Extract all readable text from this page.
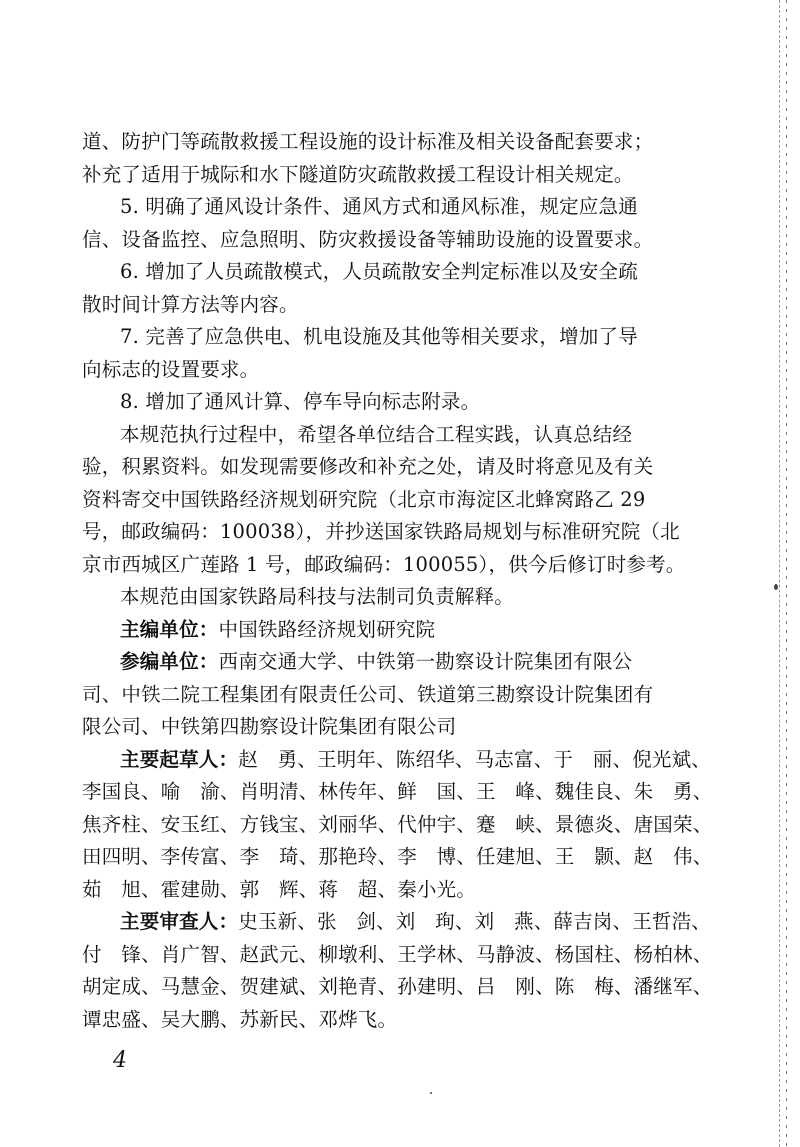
道、防护门等疏散救援工程设施的设计标准及相关设备配套要求；
补充了适用于城际和水下隧道防灾疏散救援工程设计相关规定。
5. 明确了通风设计条件、通风方式和通风标准，规定应急通
信、设备监控、应急照明、防灾救援设备等辅助设施的设置要求。
6. 增加了人员疏散模式，人员疏散安全判定标准以及安全疏
散时间计算方法等内容。
7. 完善了应急供电、机电设施及其他等相关要求，增加了导
向标志的设置要求。
8. 增加了通风计算、停车导向标志附录。
本规范执行过程中，希望各单位结合工程实践，认真总结经
验，积累资料。如发现需要修改和补充之处，请及时将意见及有关
资料寄交中国铁路经济规划研究院（北京市海淀区北蜂窝路乙 29
号，邮政编码：100038），并抄送国家铁路局规划与标准研究院（北
京市西城区广莲路 1 号，邮政编码：100055），供今后修订时参考。
本规范由国家铁路局科技与法制司负责解释。
主编单位：中国铁路经济规划研究院
参编单位：西南交通大学、中铁第一勘察设计院集团有限公
司、中铁二院工程集团有限责任公司、铁道第三勘察设计院集团有
限公司、中铁第四勘察设计院集团有限公司
主要起草人：赵　勇、王明年、陈绍华、马志富、于　丽、倪光斌、
李国良、喻　渝、肖明清、林传年、鲜　国、王　峰、魏佳良、朱　勇、
焦齐柱、安玉红、方钱宝、刘丽华、代仲宇、蹇　峡、景德炎、唐国荣、
田四明、李传富、李　琦、那艳玲、李　博、任建旭、王　颢、赵　伟、
茹　旭、霍建勋、郭　辉、蒋　超、秦小光。
主要审查人：史玉新、张　剑、刘　珣、刘　燕、薛吉岗、王哲浩、
付　锋、肖广智、赵武元、柳墩利、王学林、马静波、杨国柱、杨柏林、
胡定成、马慧金、贺建斌、刘艳青、孙建明、吕　刚、陈　梅、潘继军、
谭忠盛、吴大鹏、苏新民、邓烨飞。
4
